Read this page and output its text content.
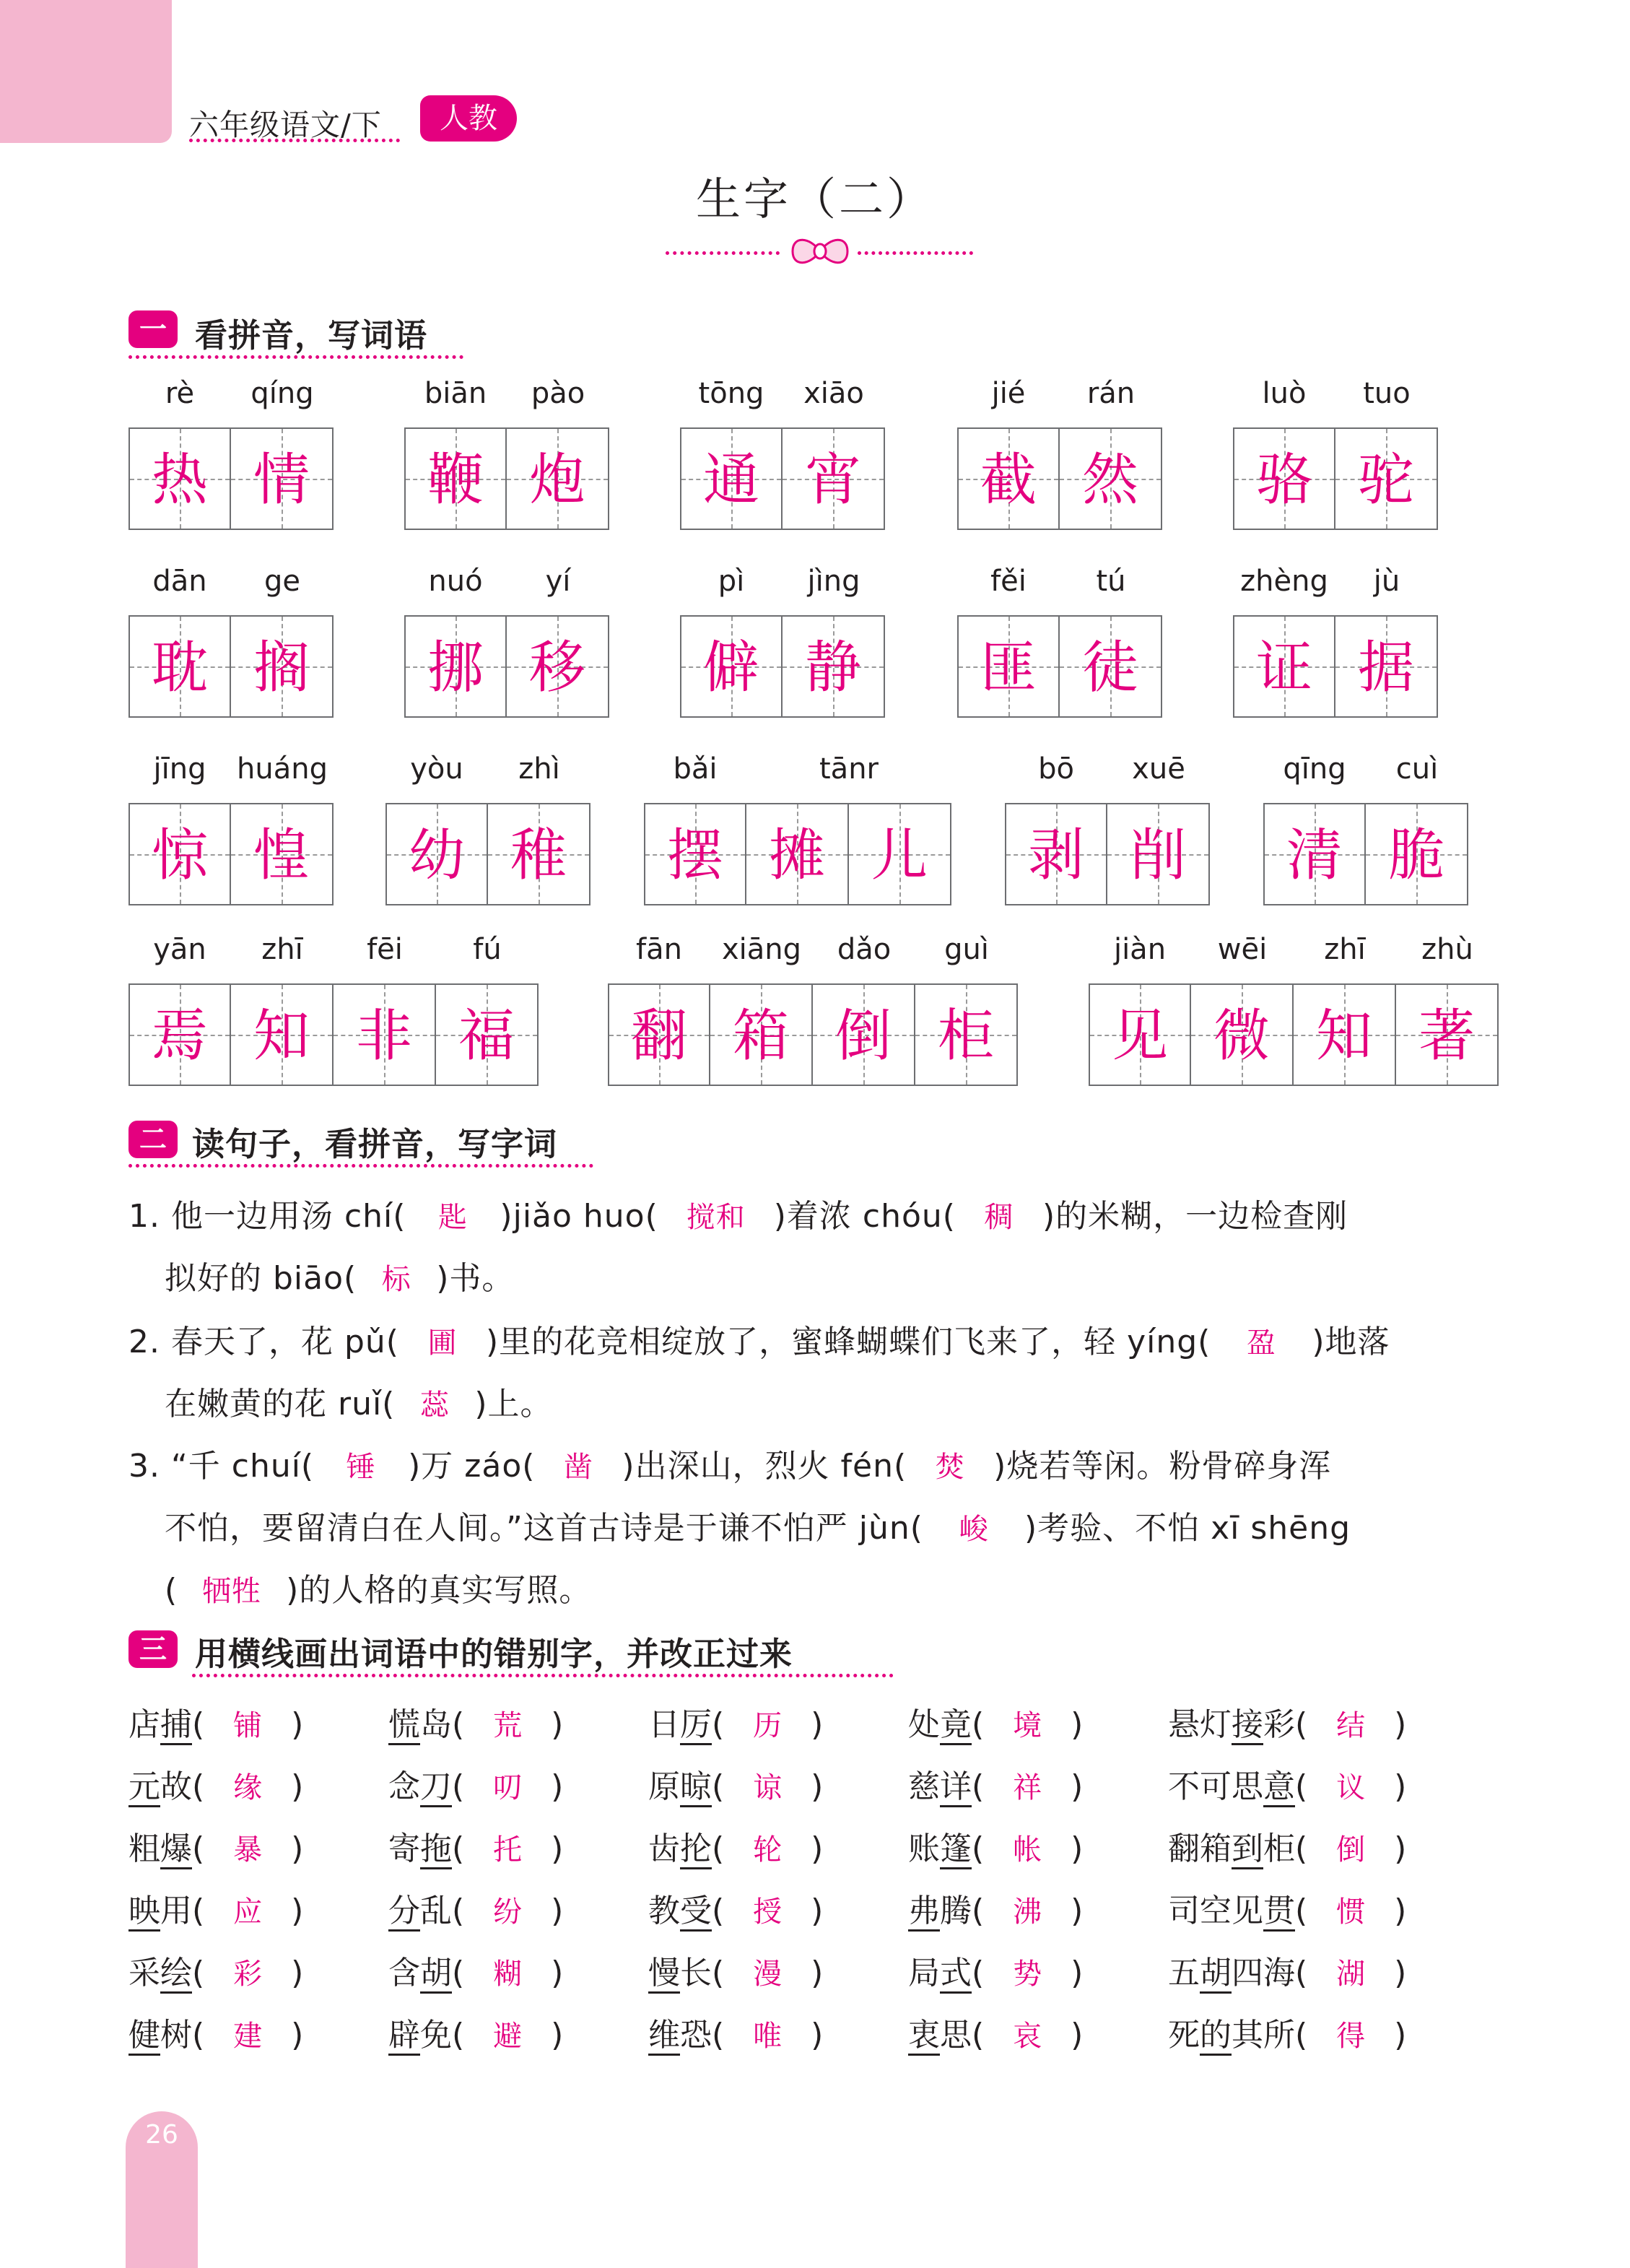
六年级语文/下	人教
生字（二）
一 看拼音，写词语
rè	qíng
热 情
biān	pào
鞭 炮
tōng	xiāo
通 宵
jié	rán
截 然
luò	tuo
骆 驼
dān	ge
耽 搁
nuó	yí
挪 移
pì	jìng
僻 静
fěi	tú
匪 徒
zhèng	jù
证 据
jīng	huáng
惊 惶
yòu	zhì
幼 稚
bǎi	tānr
摆 摊 儿
bō	xuē
剥 削
qīng	cuì
清 脆
yān	zhī	fēi	fú
焉 知 非 福
fān	xiāng	dǎo	guì
翻 箱 倒 柜
jiàn	wēi	zhī	zhù
见 微 知 著
二 读句子，看拼音，写字词
1. 他一边用汤 chí( 匙 )jiǎo huo( 搅和 )着浓 chóu( 稠 )的米糊，一边检查刚
拟好的 biāo( 标 )书。
2. 春天了，花 pǔ( 圃 )里的花竞相绽放了，蜜蜂蝴蝶们飞来了，轻 yíng( 盈 )地落
在嫩黄的花 ruǐ( 蕊 )上。
3. “千 chuí( 锤 )万 záo( 凿 )出深山，烈火 fén( 焚 )烧若等闲。粉骨碎身浑
不怕，要留清白在人间。”这首古诗是于谦不怕严 jùn( 峻 )考验、不怕 xī shēng
( 牺牲 )的人格的真实写照。
三 用横线画出词语中的错别字，并改正过来
店捕( 铺 )	慌岛( 荒 )	日厉( 历 )	处竟( 境 )	悬灯接彩( 结 )
元故( 缘 )	念刀( 叨 )	原晾( 谅 )	慈详( 祥 )	不可思意( 议 )
粗爆( 暴 )	寄拖( 托 )	齿抡( 轮 )	账篷( 帐 )	翻箱到柜( 倒 )
映用( 应 )	分乱( 纷 )	教受( 授 )	弗腾( 沸 )	司空见贯( 惯 )
采绘( 彩 )	含胡( 糊 )	慢长( 漫 )	局式( 势 )	五胡四海( 湖 )
健树( 建 )	辟免( 避 )	维恐( 唯 )	衷思( 哀 )	死的其所( 得 )
26
